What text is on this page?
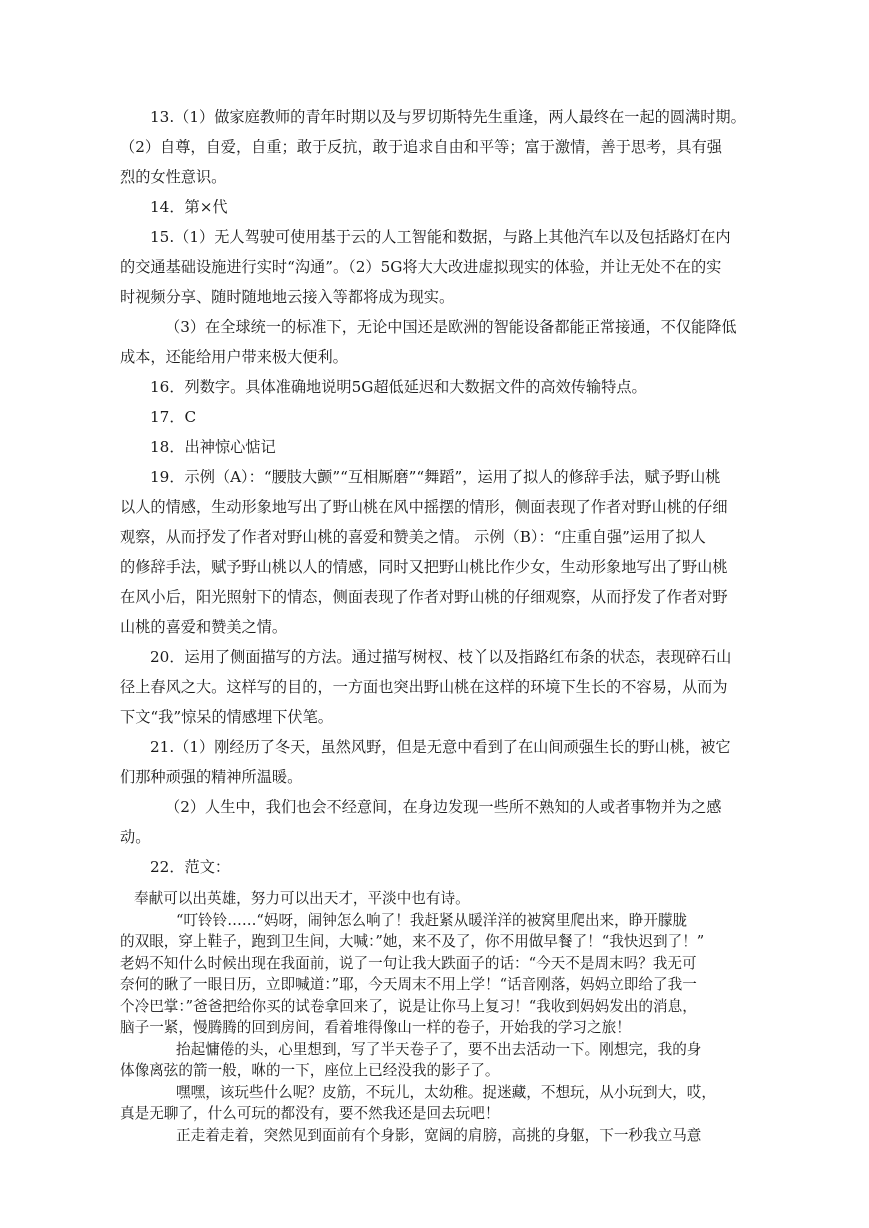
13.（1）做家庭教师的青年时期以及与罗切斯特先生重逢，两人最终在一起的圆满时期。
（2）自尊，自爱，自重；敢于反抗，敢于追求自由和平等；富于激情，善于思考，具有强
烈的女性意识。
14．第×代
15.（1）无人驾驶可使用基于云的人工智能和数据，与路上其他汽车以及包括路灯在内
的交通基础设施进行实时“沟通”。（2）5G将大大改进虚拟现实的体验，并让无处不在的实
时视频分享、随时随地地云接入等都将成为现实。
（3）在全球统一的标准下，无论中国还是欧洲的智能设备都能正常接通，不仅能降低
成本，还能给用户带来极大便利。
16．列数字。具体准确地说明5G超低延迟和大数据文件的高效传输特点。
17．C
18．出神惊心惦记
19．示例（A）：“腰肢大颤”“互相厮磨”“舞蹈”，运用了拟人的修辞手法，赋予野山桃
以人的情感，生动形象地写出了野山桃在风中摇摆的情形，侧面表现了作者对野山桃的仔细
观察，从而抒发了作者对野山桃的喜爱和赞美之情。 示例（B）：“庄重自强”运用了拟人
的修辞手法，赋予野山桃以人的情感，同时又把野山桃比作少女，生动形象地写出了野山桃
在风小后，阳光照射下的情态，侧面表现了作者对野山桃的仔细观察，从而抒发了作者对野
山桃的喜爱和赞美之情。
20．运用了侧面描写的方法。通过描写树杈、枝丫以及指路红布条的状态，表现碎石山
径上春风之大。这样写的目的，一方面也突出野山桃在这样的环境下生长的不容易，从而为
下文“我”惊呆的情感埋下伏笔。
21.（1）刚经历了冬天，虽然风野，但是无意中看到了在山间顽强生长的野山桃，被它
们那种顽强的精神所温暖。
（2）人生中，我们也会不经意间，在身边发现一些所不熟知的人或者事物并为之感
动。
22．范文：
奉献可以出英雄，努力可以出天才，平淡中也有诗。
“叮铃铃……“妈呀，闹钟怎么响了！我赶紧从暖洋洋的被窝里爬出来，睁开朦胧
的双眼，穿上鞋子，跑到卫生间，大喊：”她，来不及了，你不用做早餐了！“我快迟到了！”
老妈不知什么时候出现在我面前，说了一句让我大跌面子的话：“今天不是周末吗？我无可
奈何的瞅了一眼日历，立即喊道：”耶，今天周末不用上学！“话音刚落，妈妈立即给了我一
个冷巴掌：”爸爸把给你买的试卷拿回来了，说是让你马上复习！“我收到妈妈发出的消息，
脑子一紧，慢腾腾的回到房间，看着堆得像山一样的卷子，开始我的学习之旅！
抬起慵倦的头，心里想到，写了半天卷子了，要不出去活动一下。刚想完，我的身
体像离弦的箭一般，咻的一下，座位上已经没我的影子了。
嘿嘿，该玩些什么呢？皮筋，不玩儿，太幼稚。捉迷藏，不想玩，从小玩到大，哎，
真是无聊了，什么可玩的都没有，要不然我还是回去玩吧！
正走着走着，突然见到面前有个身影，宽阔的肩膀，高挑的身躯，下一秒我立马意
